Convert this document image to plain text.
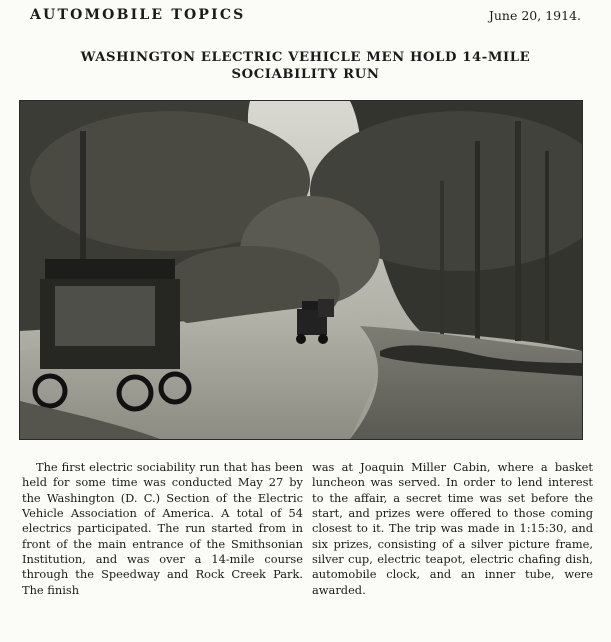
AUTOMOBILE TOPICS	June 20, 1914.
WASHINGTON ELECTRIC VEHICLE MEN HOLD 14-MILE
SOCIABILITY RUN
The first electric sociability run that has been held for some time was conducted May 27 by the Washington (D. C.) Section of the Electric Vehicle Association of America. A total of 54 electrics participated. The run started from in front of the main entrance of the Smithsonian Institution, and was over a 14-mile course through the Speedway and Rock Creek Park. The finish
was at Joaquin Miller Cabin, where a basket luncheon was served. In order to lend interest to the affair, a secret time was set before the start, and prizes were offered to those coming closest to it. The trip was made in 1:15:30, and six prizes, consisting of a silver picture frame, silver cup, electric teapot, electric chafing dish, automobile clock, and an inner tube, were awarded.
